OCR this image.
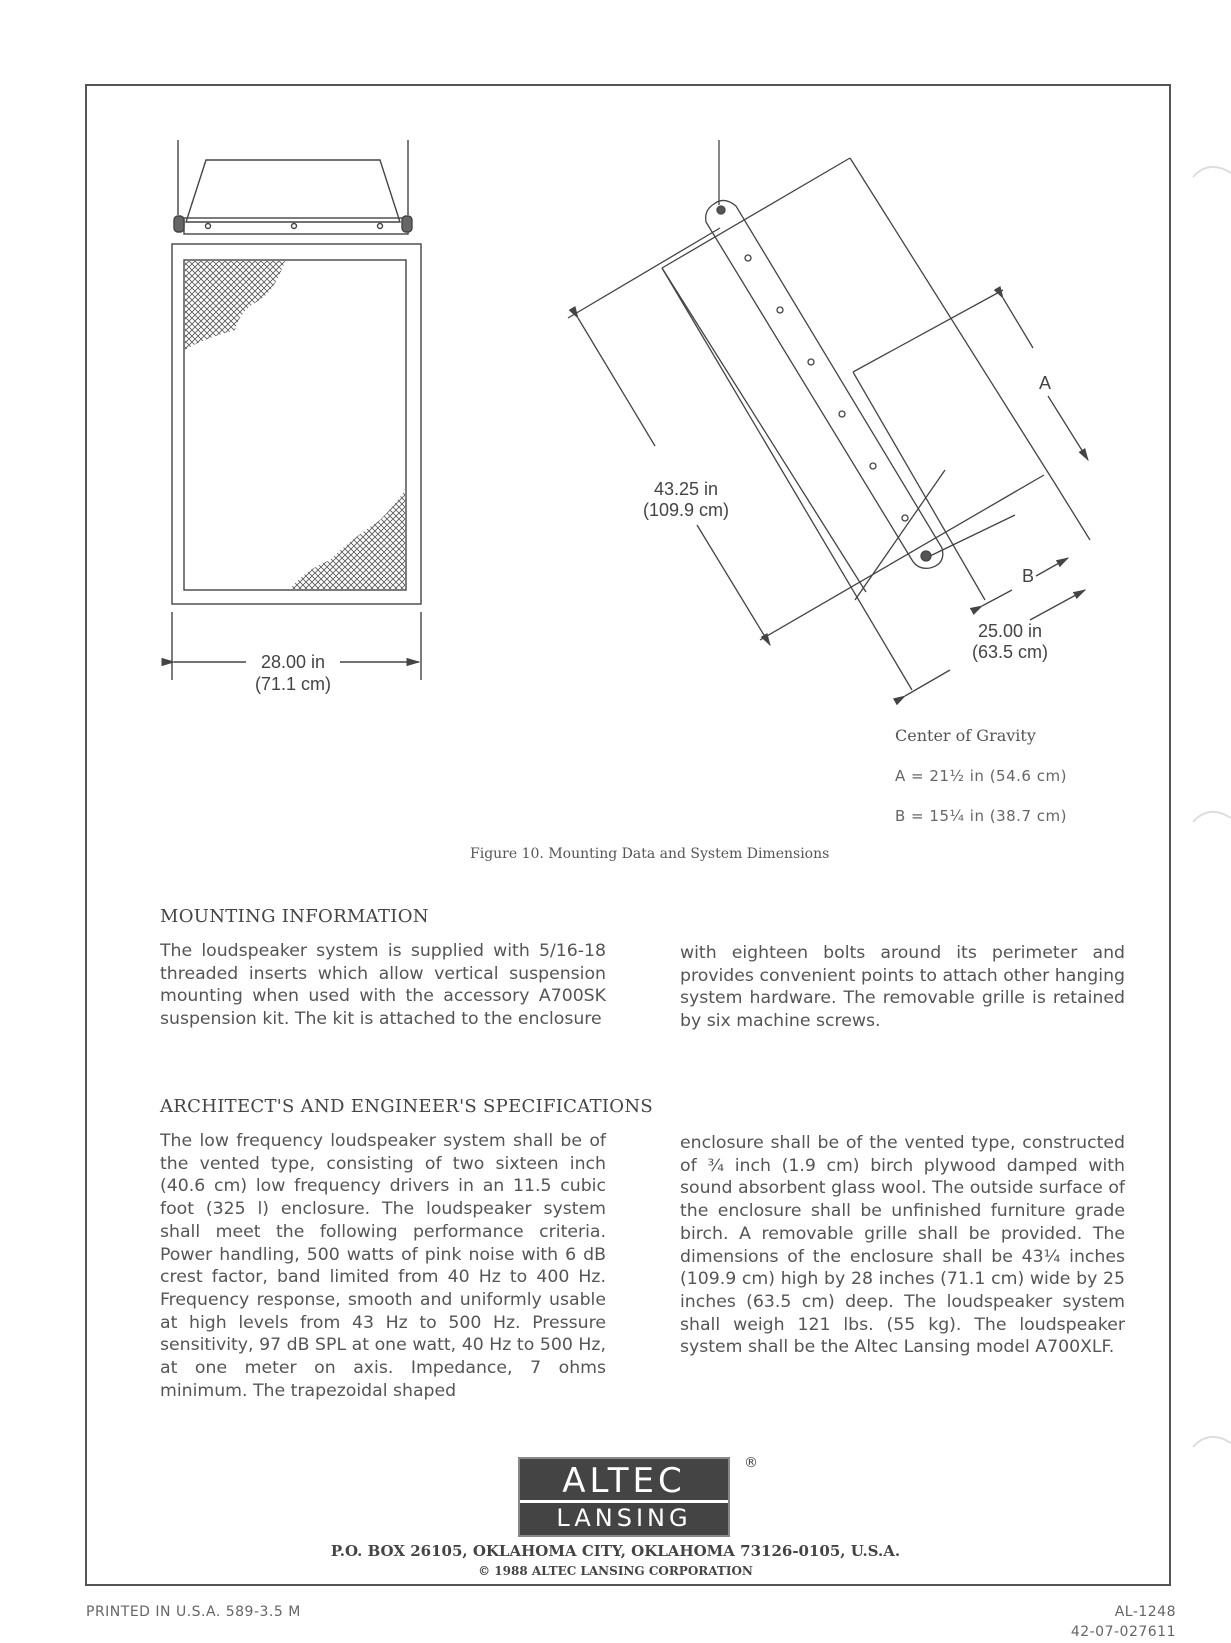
28.00 in
(71.1 cm)
43.25 in
(109.9 cm)
25.00 in
(63.5 cm)
A
B
Center of Gravity
A = 21½ in (54.6 cm)
B = 15¼ in (38.7 cm)
Figure 10. Mounting Data and System Dimensions
MOUNTING INFORMATION
The loudspeaker system is supplied with 5/16-18 threaded inserts which allow vertical suspension mounting when used with the accessory A700SK suspension kit. The kit is attached to the enclosure
with eighteen bolts around its perimeter and provides convenient points to attach other hanging system hardware. The removable grille is retained by six machine screws.
ARCHITECT'S AND ENGINEER'S SPECIFICATIONS
The low frequency loudspeaker system shall be of the vented type, consisting of two sixteen inch (40.6 cm) low frequency drivers in an 11.5 cubic foot (325 l) enclosure. The loudspeaker system shall meet the following performance criteria. Power handling, 500 watts of pink noise with 6 dB crest factor, band limited from 40 Hz to 400 Hz. Frequency response, smooth and uniformly usable at high levels from 43 Hz to 500 Hz. Pressure sensitivity, 97 dB SPL at one watt, 40 Hz to 500 Hz, at one meter on axis. Impedance, 7 ohms minimum. The trapezoidal shaped
enclosure shall be of the vented type, constructed of ¾ inch (1.9 cm) birch plywood damped with sound absorbent glass wool. The outside surface of the enclosure shall be unfinished furniture grade birch. A removable grille shall be provided. The dimensions of the enclosure shall be 43¼ inches (109.9 cm) high by 28 inches (71.1 cm) wide by 25 inches (63.5 cm) deep. The loudspeaker system shall weigh 121 lbs. (55 kg). The loudspeaker system shall be the Altec Lansing model A700XLF.
ALTEC
LANSING
®
P.O. BOX 26105, OKLAHOMA CITY, OKLAHOMA 73126-0105, U.S.A.
© 1988 ALTEC LANSING CORPORATION
PRINTED IN U.S.A. 589-3.5 M	AL-1248
42-07-027611
